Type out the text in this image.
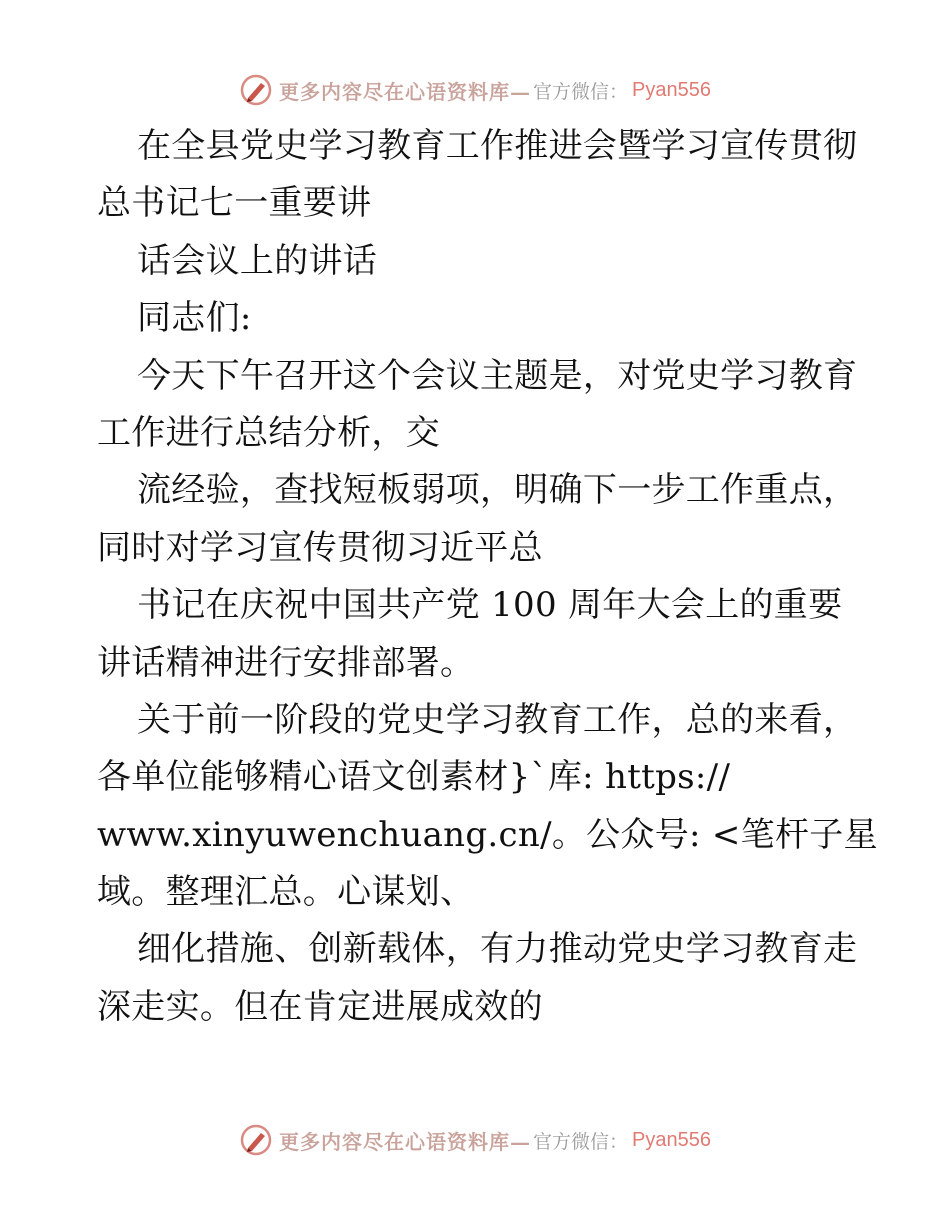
更多内容尽在心语资料库— 官方微信： Pyan556
在全县党史学习教育工作推进会暨学习宣传贯彻
总书记七一重要讲
话会议上的讲话
同志们:
今天下午召开这个会议主题是，对党史学习教育
工作进行总结分析，交
流经验，查找短板弱项，明确下一步工作重点，
同时对学习宣传贯彻习近平总
书记在庆祝中国共产党 100 周年大会上的重要
讲话精神进行安排部署。
关于前一阶段的党史学习教育工作，总的来看，
各单位能够精心语文创素材}`库: https://
www.xinyuwenchuang.cn/。公众号: <笔杆子星
域。整理汇总。心谋划、
细化措施、创新载体，有力推动党史学习教育走
深走实。但在肯定进展成效的
更多内容尽在心语资料库— 官方微信： Pyan556
